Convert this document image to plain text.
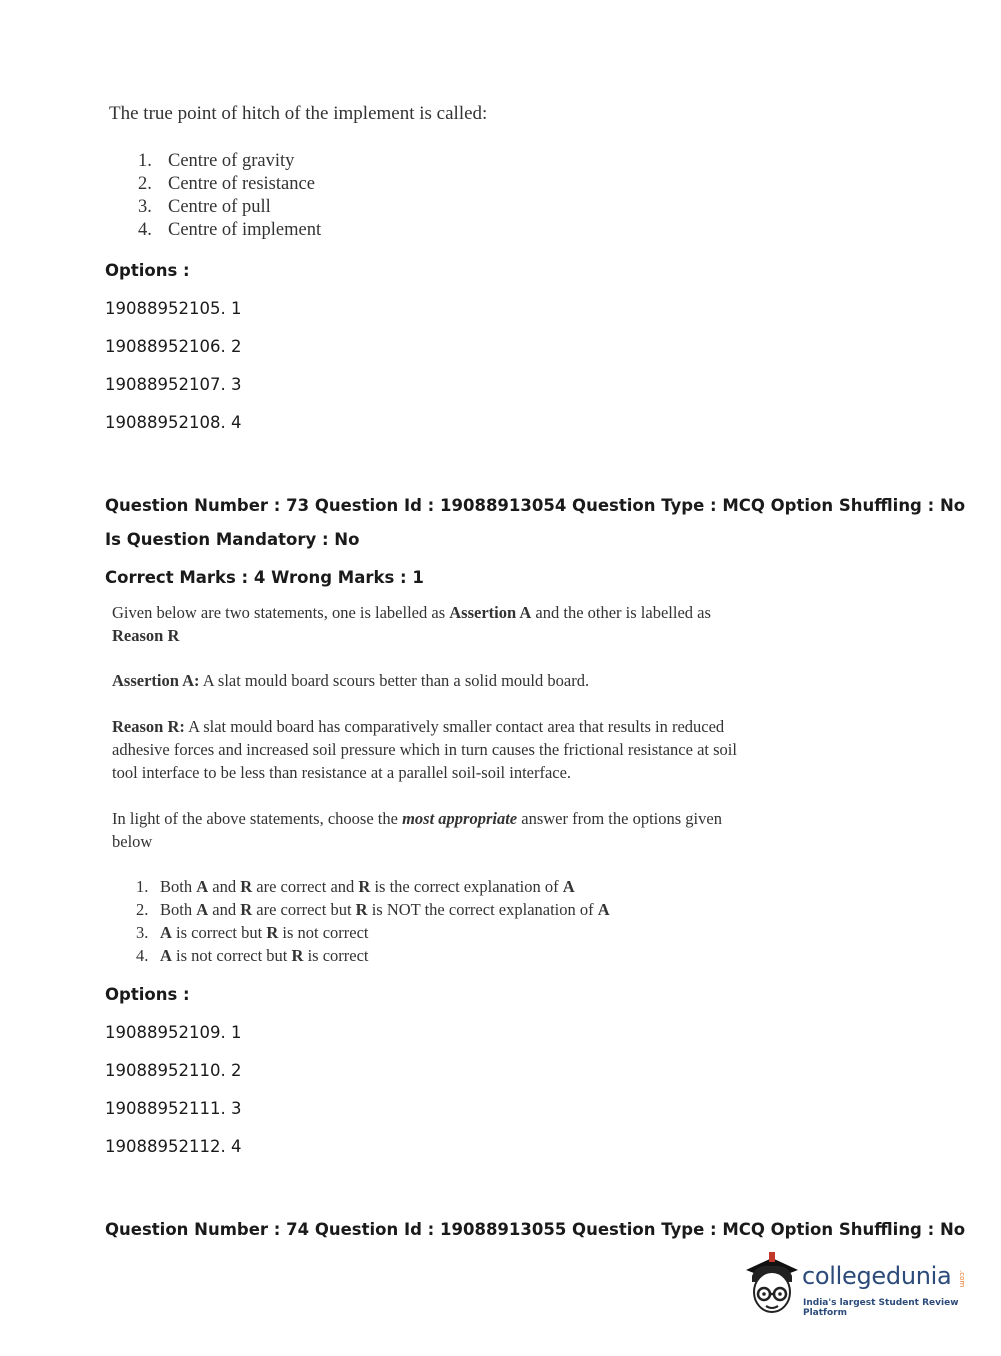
The true point of hitch of the implement is called:

1. Centre of gravity
2. Centre of resistance
3. Centre of pull
4. Centre of implement

Options :

19088952105. 1

19088952106. 2

19088952107. 3

19088952108. 4

Question Number : 73 Question Id : 19088913054 Question Type : MCQ Option Shuffling : No

Is Question Mandatory : No

Correct Marks : 4 Wrong Marks : 1

Given below are two statements, one is labelled as Assertion A and the other is labelled as
Reason R
Assertion A: A slat mould board scours better than a solid mould board.
Reason R: A slat mould board has comparatively smaller contact area that results in reduced
adhesive forces and increased soil pressure which in turn causes the frictional resistance at soil
tool interface to be less than resistance at a parallel soil-soil interface.
In light of the above statements, choose the most appropriate answer from the options given
below
1. Both A and R are correct and R is the correct explanation of A
2. Both A and R are correct but R is NOT the correct explanation of A
3. A is correct but R is not correct
4. A is not correct but R is correct

Options :

19088952109. 1

19088952110. 2

19088952111. 3

19088952112. 4

Question Number : 74 Question Id : 19088913055 Question Type : MCQ Option Shuffling : No

collegedunia .com
India's largest Student Review Platform
